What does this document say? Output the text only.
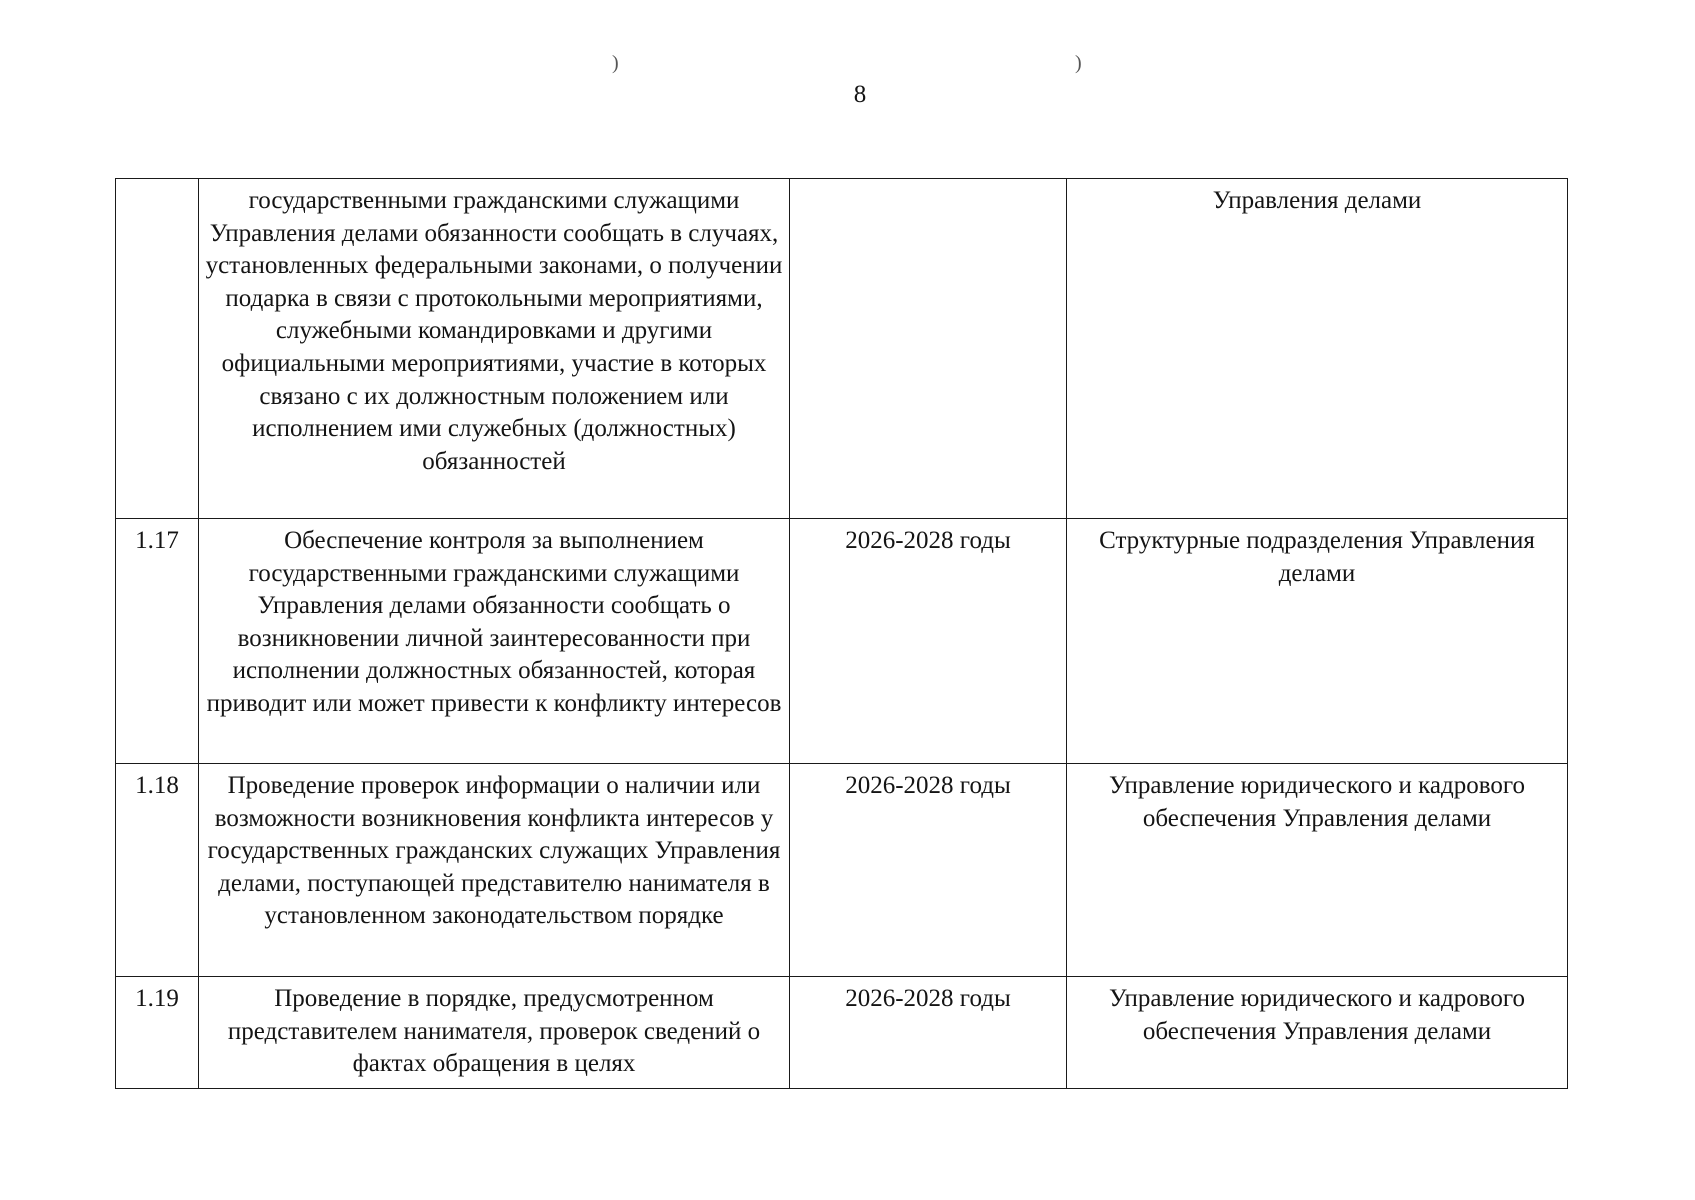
)	)
8
	государственными гражданскими служащими Управления делами обязанности сообщать в случаях, установленных федеральными законами, о получении подарка в связи с протокольными мероприятиями, служебными командировками и другими официальными мероприятиями, участие в которых связано с их должностным положением или исполнением ими служебных (должностных) обязанностей		Управления делами
1.17	Обеспечение контроля за выполнением государственными гражданскими служащими Управления делами обязанности сообщать о возникновении личной заинтересованности при исполнении должностных обязанностей, которая приводит или может привести к конфликту интересов	2026-2028 годы	Структурные подразделения Управления делами
1.18	Проведение проверок информации о наличии или возможности возникновения конфликта интересов у государственных гражданских служащих Управления делами, поступающей представителю нанимателя в установленном законодательством порядке	2026-2028 годы	Управление юридического и кадрового обеспечения Управления делами
1.19	Проведение в порядке, предусмотренном представителем нанимателя, проверок сведений о фактах обращения в целях	2026-2028 годы	Управление юридического и кадрового обеспечения Управления делами
